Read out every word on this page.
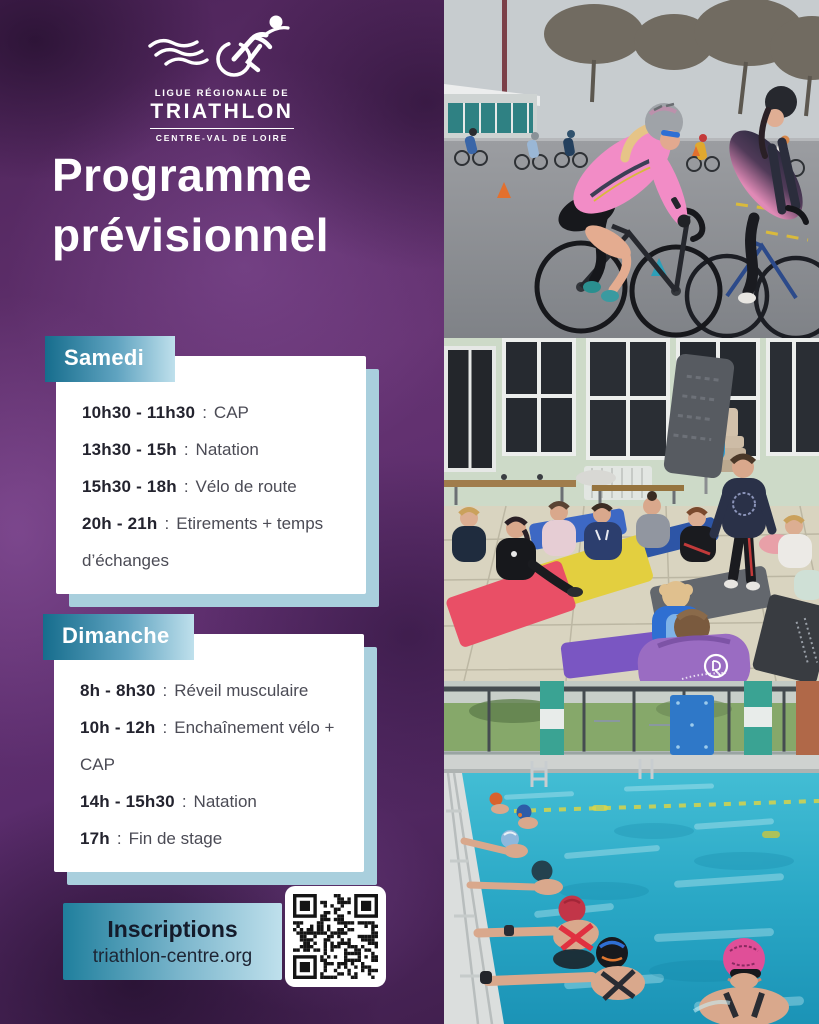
LIGUE RÉGIONALE DE
TRIATHLON
CENTRE-VAL DE LOIRE
Programme
prévisionnel
Samedi
10h30 - 11h30 : CAP
13h30 - 15h : Natation
15h30 - 18h : Vélo de route
20h - 21h : Etirements + temps d’échanges
Dimanche
8h - 8h30 : Réveil musculaire
10h - 12h : Enchaînement vélo + CAP
14h - 15h30 : Natation
17h : Fin de stage
Inscriptions
triathlon-centre.org
